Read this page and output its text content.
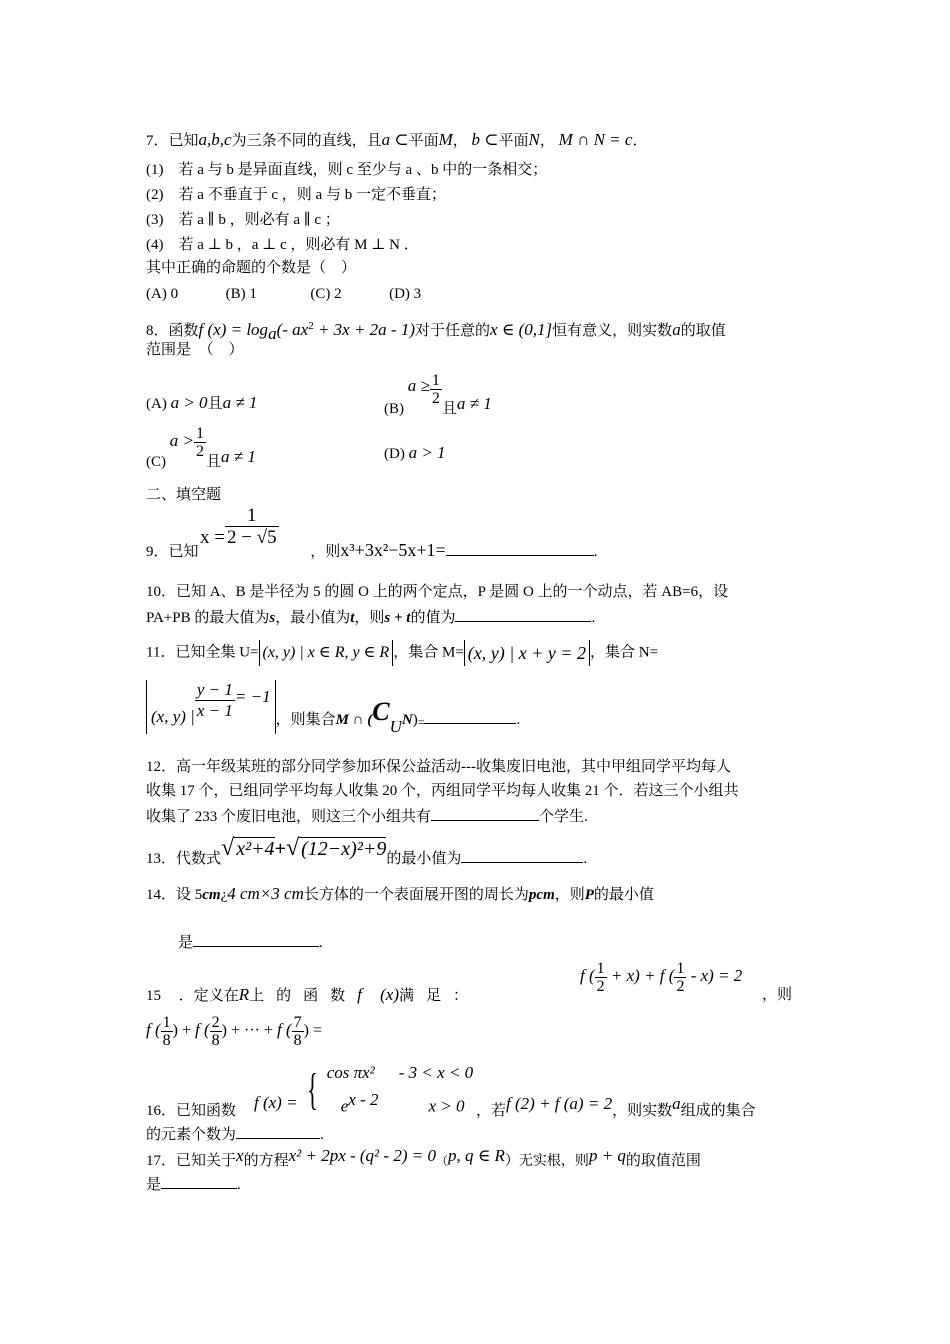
7．已知a,b,c为三条不同的直线，且a ⊂平面M， b ⊂平面N， M ∩ N = c．
(1)　若 a 与 b 是异面直线，则 c 至少与 a 、b 中的一条相交；
(2)　若 a 不垂直于 c ，则 a 与 b 一定不垂直；
(3)　若 a ∥ b ，则必有 a ∥ c ；
(4)　若 a ⊥ b ，a ⊥ c ，则必有 M ⊥ N ．
其中正确的命题的个数是（　）
(A) 0	(B) 1	(C) 2	(D) 3
8．函数f $(x) = \log_a(-$ $ax^2 + 3x + 2a - 1$)对于任意的x ∈ (0,1]恒有意义，则实数a的取值
范围是　（　）
(A) a > 0且a ≠ 1	(B) $a \ge \frac{1}{2}$
且a ≠ 1
(C) $a > \frac{1}{2}$
且a ≠ 1	(D) a > 1
二、填空题
$x = \frac{1}{2 - √5}$
9．已知	，则x³+3x²−5x+1=	.
10．已知 A、B 是半径为 5 的圆 O 上的两个定点，P 是圆 O 上的一个动点，若 AB=6，设
PA+PB 的最大值为s，最小值为t，则s + t的值为	.
11．已知全集 U= (x, y) | x ∈ R, y ∈ R ，集合 M= (x, y) | x + y = 2 ，集合 N=
(x, y) | $\frac{y - 1}{x - 1} = -1$，则集合M ∩ $(C_UN)_=$	.
12．高一年级某班的部分同学参加环保公益活动---收集废旧电池，其中甲组同学平均每人
收集 17 个，已组同学平均每人收集 20 个，丙组同学平均每人收集 21 个．若这三个小组共
收集了 233 个废旧电池，则这三个小组共有	个学生.
13．代数式√ x²+4+√ (12−x)²+9的最小值为	.
14．设 5cm¿4 cm×3 cm长方体的一个表面展开图的周长为pcm，则P的最小值
是	.
15 ．定义在R上的函数f (x)满足：
f ( $\frac{1}{2} + x) + f$ ( $\frac{1}{2} - x) = 2$
，则
f ( $\frac{1}{8}$ ) + f ( $\frac{2}{8}$ ) + ··· + f ( $\frac{7}{8}$ ) =
f (x) = { cos πx² - 3 < x < 0
$e^{x - 2}$	x > 0
16．已知函数	，若f (2) + f (a) = 2，则实数a组成的集合
的元素个数为	.
17．已知关于x的方程x² + 2px - (q² - 2) = 0（p, q ∈ R）无实根，则p + q的取值范围
是	.
